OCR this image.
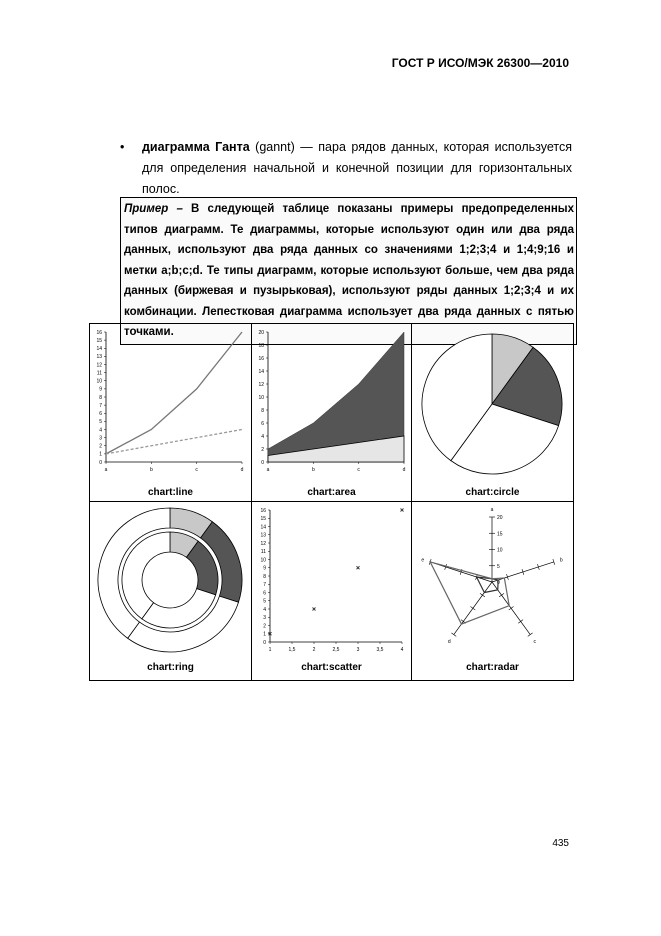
ГОСТ Р ИСО/МЭК 26300—2010
• диаграмма Ганта (gannt) — пара рядов данных, которая используется для определения начальной и конечной позиции для горизонтальных полос.
Пример – В следующей таблице показаны примеры предопределенных типов диаграмм. Те диаграммы, которые используют один или два ряда данных, используют два ряда данных со значениями 1;2;3;4 и 1;4;9;16 и метки a;b;c;d. Те типы диаграмм, которые используют больше, чем два ряда данных (биржевая и пузырьковая), используют ряды данных 1;2;3;4 и их комбинации. Лепестковая диаграмма использует два ряда данных с пятью точками.
0
1
2
3
4
5
6
7
8
9
10
11
12
13
14
15
16
a	b	c	d
chart:line
0
2
4
6
8
10
12
14
16
18
20
a	b	c	d
chart:area	chart:circle
chart:ring
0
1
2
3
4
5
6
7
8
9
10
11
12
13
14
15
16
1	1,5	2	2,5	3	3,5	4
chart:scatter
a
b
c
d
e
0
5
10
15
20
chart:radar
435
